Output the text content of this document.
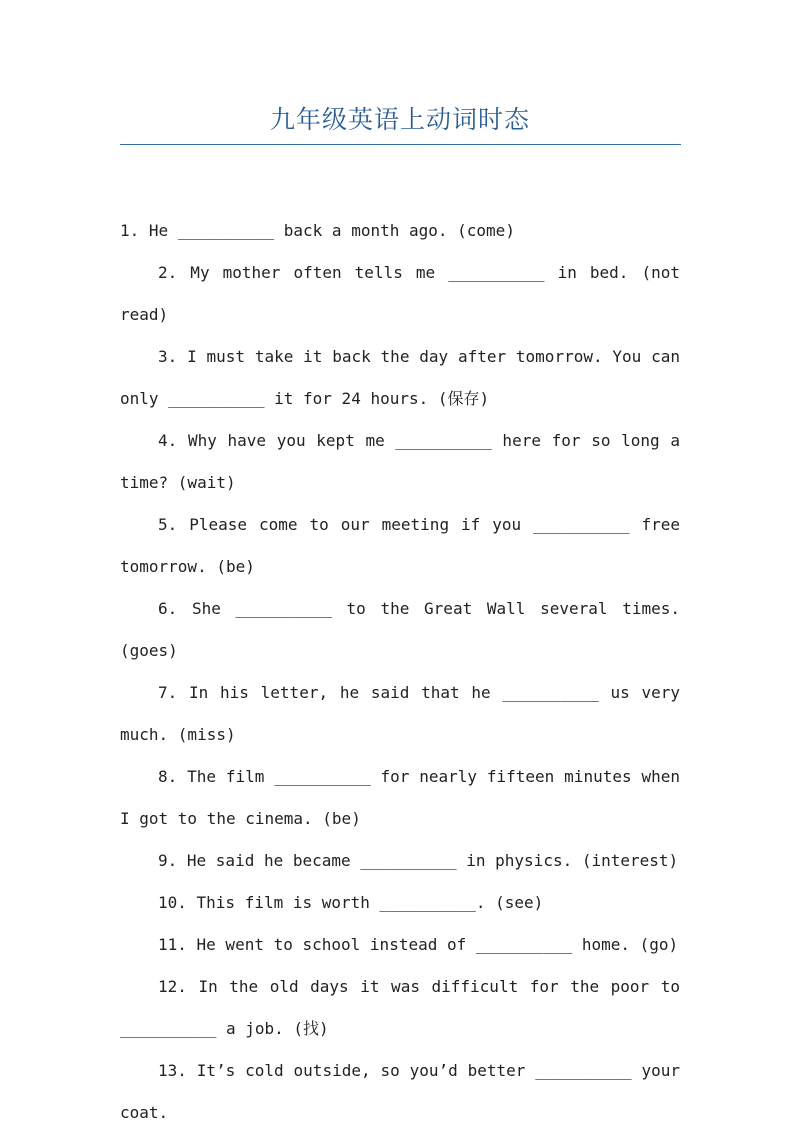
九年级英语上动词时态
1. He __________ back a month ago. (come)
2. My mother often tells me __________ in bed. (not read)
3. I must take it back the day after tomorrow. You can only __________ it for 24 hours. (保存)
4. Why have you kept me __________ here for so long a time? (wait)
5. Please come to our meeting if you __________ free tomorrow. (be)
6. She __________ to the Great Wall several times. (goes)
7. In his letter, he said that he __________ us very much. (miss)
8. The film __________ for nearly fifteen minutes when I got to the cinema. (be)
9. He said he became __________ in physics. (interest)
10. This film is worth __________. (see)
11. He went to school instead of __________ home. (go)
12. In the old days it was difficult for the poor to __________ a job. (找)
13. It’s cold outside, so you’d better __________ your coat.
